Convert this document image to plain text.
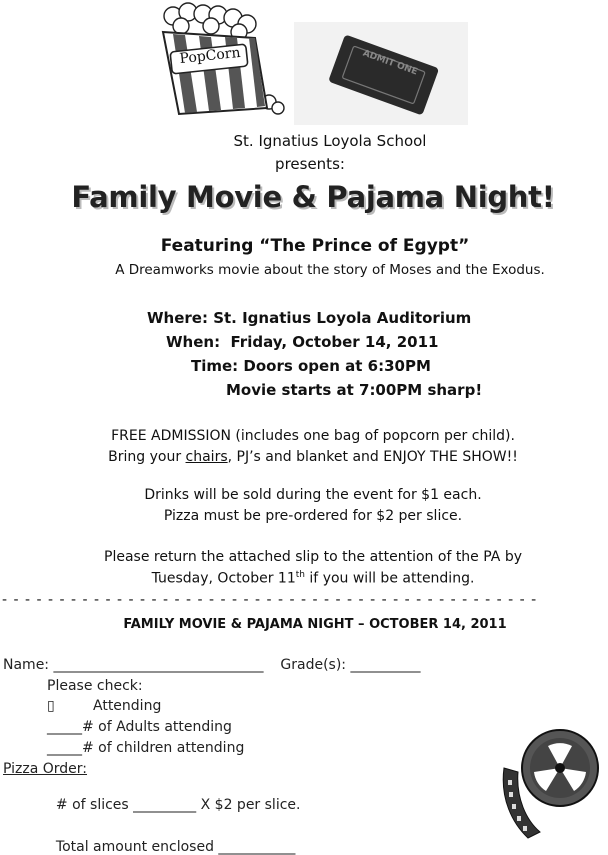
PopCorn	ADMIT ONE
St. Ignatius Loyola School
presents:
Family Movie & Pajama Night!
Featuring “The Prince of Egypt”
A Dreamworks movie about the story of Moses and the Exodus.
Where: St. Ignatius Loyola Auditorium
When:  Friday, October 14, 2011
Time: Doors open at 6:30PM
Movie starts at 7:00PM sharp!
FREE ADMISSION (includes one bag of popcorn per child).
Bring your chairs, PJ’s and blanket and ENJOY THE SHOW!!
Drinks will be sold during the event for $1 each.
Pizza must be pre-ordered for $2 per slice.
Please return the attached slip to the attention of the PA by
Tuesday, October 11th if you will be attending.
- - - - - - - - - - - - - - - - - - - - - - - - - - - - - - - - - - - - - - - - - - - - - - -
FAMILY MOVIE & PAJAMA NIGHT – OCTOBER 14, 2011
Name: ______________________________ Grade(s): __________
Please check:
▯	Attending
_____# of Adults attending
_____# of children attending
Pizza Order:

# of slices _________ X $2 per slice.

Total amount enclosed ___________
